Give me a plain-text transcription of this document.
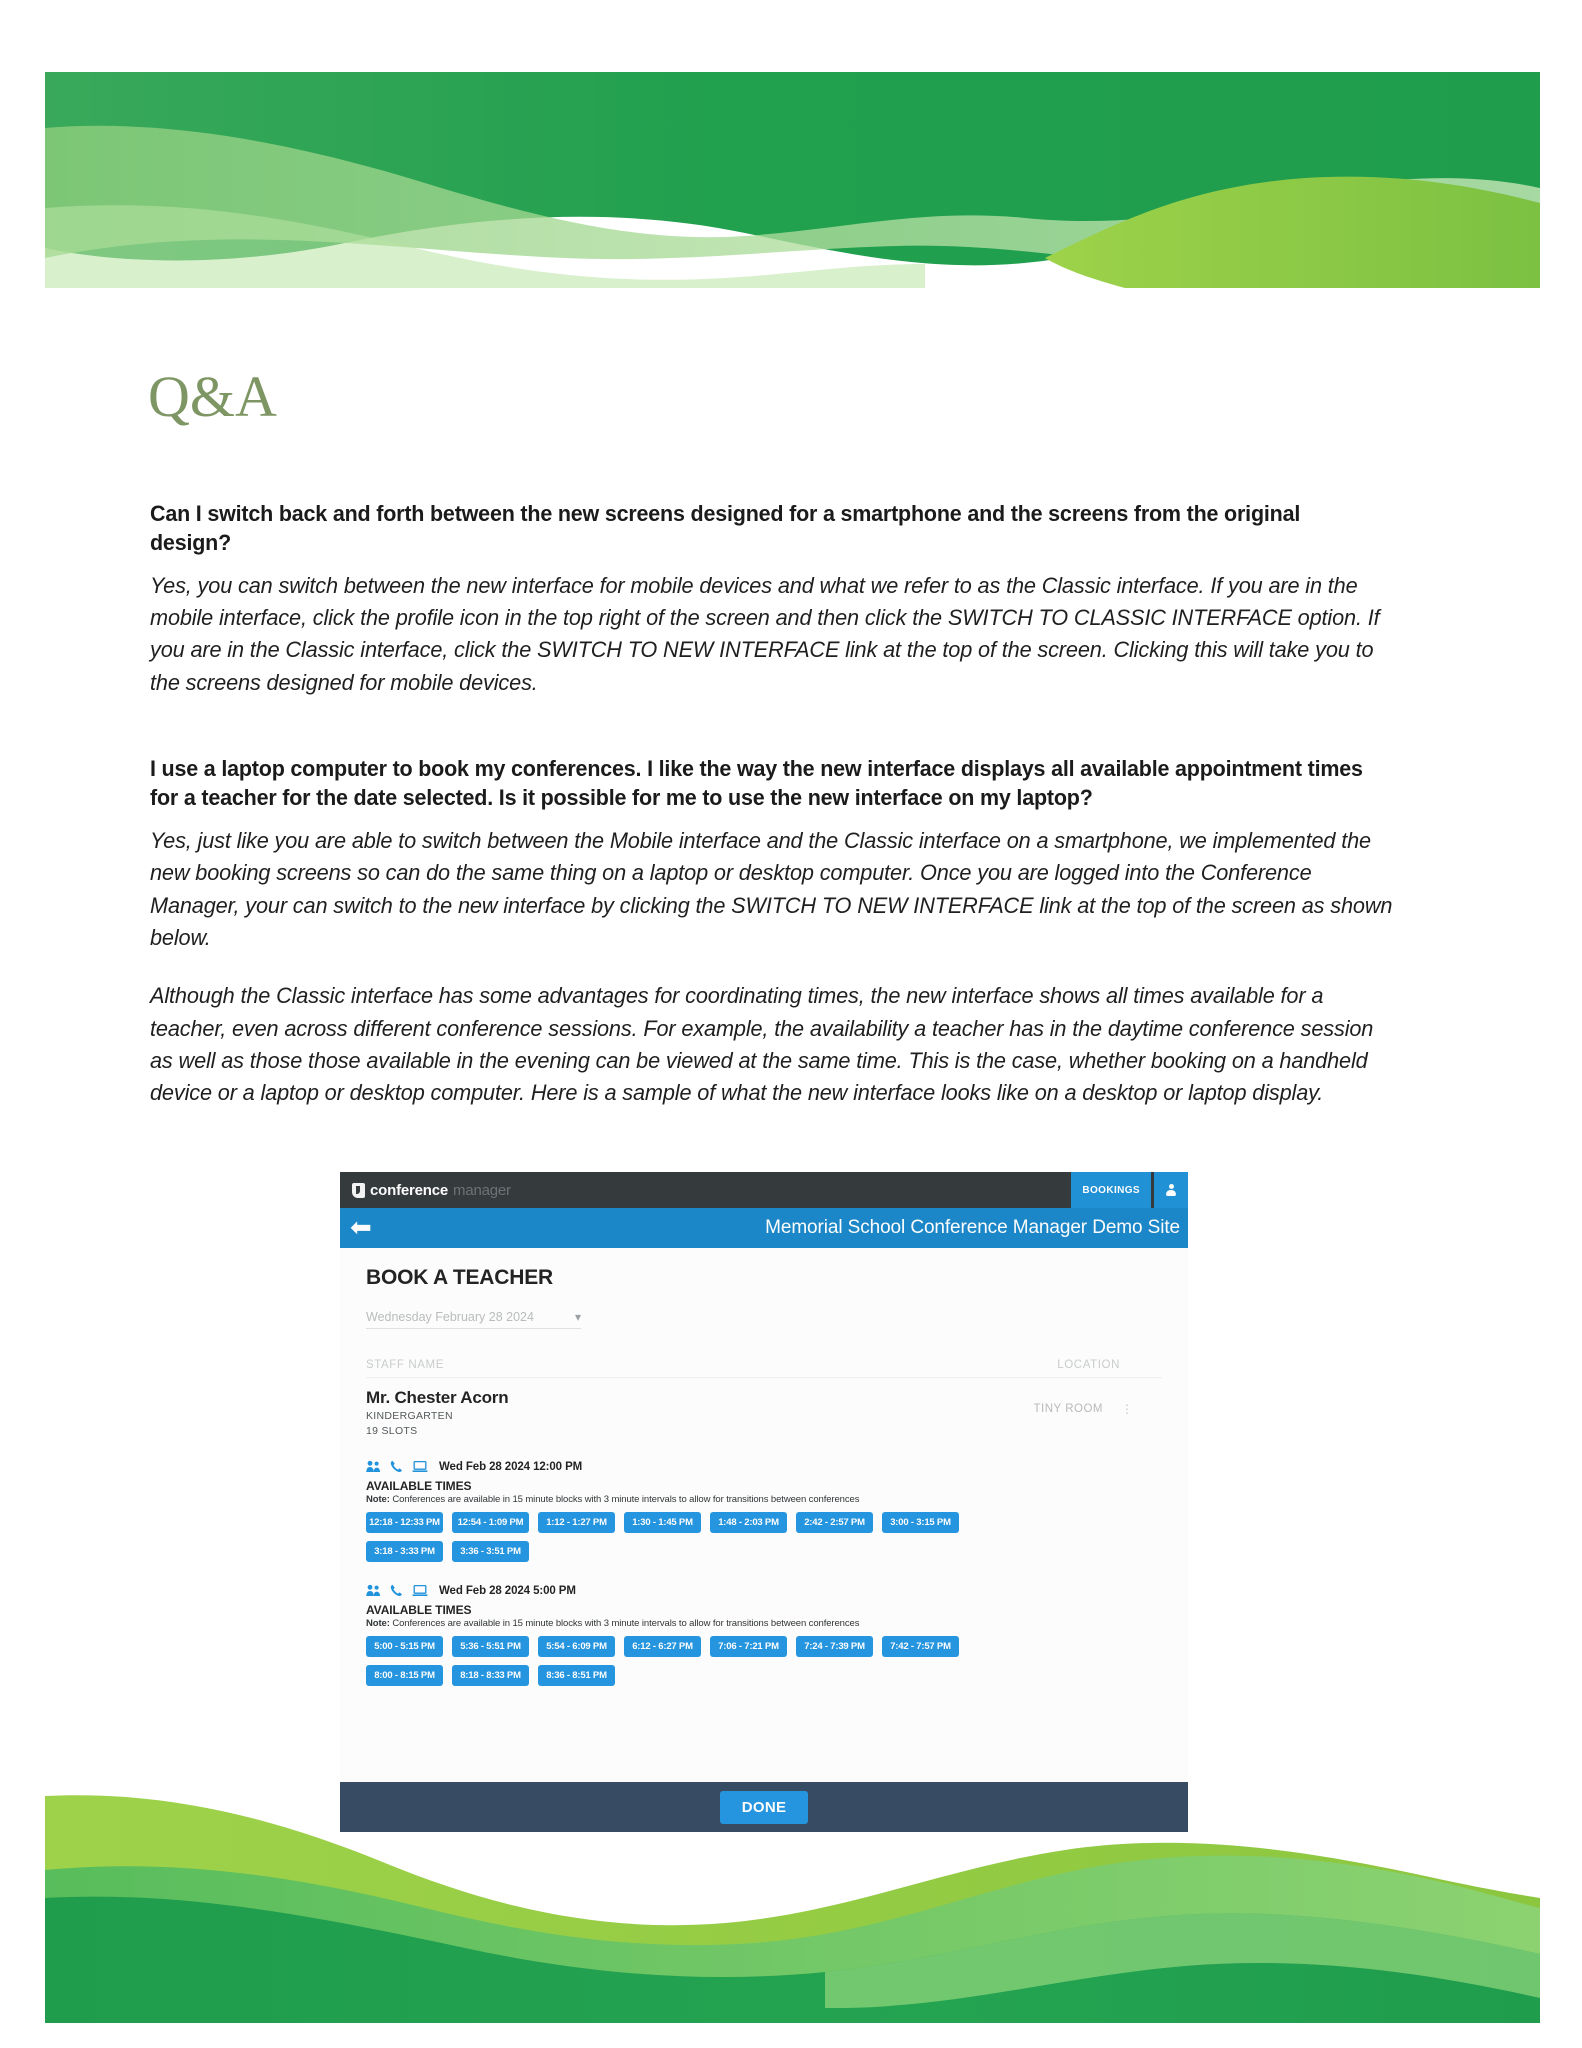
Q&A

Can I switch back and forth between the new screens designed for a smartphone and the screens from the original design?

Yes, you can switch between the new interface for mobile devices and what we refer to as the Classic interface. If you are in the mobile interface, click the profile icon in the top right of the screen and then click the SWITCH TO CLASSIC INTERFACE option. If you are in the Classic interface, click the SWITCH TO NEW INTERFACE link at the top of the screen. Clicking this will take you to the screens designed for mobile devices.

I use a laptop computer to book my conferences. I like the way the new interface displays all available appointment times for a teacher for the date selected. Is it possible for me to use the new interface on my laptop?

Yes, just like you are able to switch between the Mobile interface and the Classic interface on a smartphone, we implemented the new booking screens so can do the same thing on a laptop or desktop computer. Once you are logged into the Conference Manager, your can switch to the new interface by clicking the SWITCH TO NEW INTERFACE link at the top of the screen as shown below.

Although the Classic interface has some advantages for coordinating times, the new interface shows all times available for a teacher, even across different conference sessions. For example, the availability a teacher has in the daytime conference session as well as those those available in the evening can be viewed at the same time. This is the case, whether booking on a handheld device or a laptop or desktop computer. Here is a sample of what the new interface looks like on a desktop or laptop display.

conference manager	BOOKINGS
⬅	Memorial School Conference Manager Demo Site
BOOK A TEACHER
Wednesday February 28 2024	▾
STAFF NAME	LOCATION
Mr. Chester Acorn
KINDERGARTEN
19 SLOTS
TINY ROOM ⋮
Wed Feb 28 2024 12:00 PM
AVAILABLE TIMES
Note: Conferences are available in 15 minute blocks with 3 minute intervals to allow for transitions between conferences
12:18 - 12:33 PM	12:54 - 1:09 PM	1:12 - 1:27 PM	1:30 - 1:45 PM	1:48 - 2:03 PM	2:42 - 2:57 PM	3:00 - 3:15 PM
3:18 - 3:33 PM	3:36 - 3:51 PM
Wed Feb 28 2024 5:00 PM
AVAILABLE TIMES
Note: Conferences are available in 15 minute blocks with 3 minute intervals to allow for transitions between conferences
5:00 - 5:15 PM	5:36 - 5:51 PM	5:54 - 6:09 PM	6:12 - 6:27 PM	7:06 - 7:21 PM	7:24 - 7:39 PM	7:42 - 7:57 PM
8:00 - 8:15 PM	8:18 - 8:33 PM	8:36 - 8:51 PM
DONE
